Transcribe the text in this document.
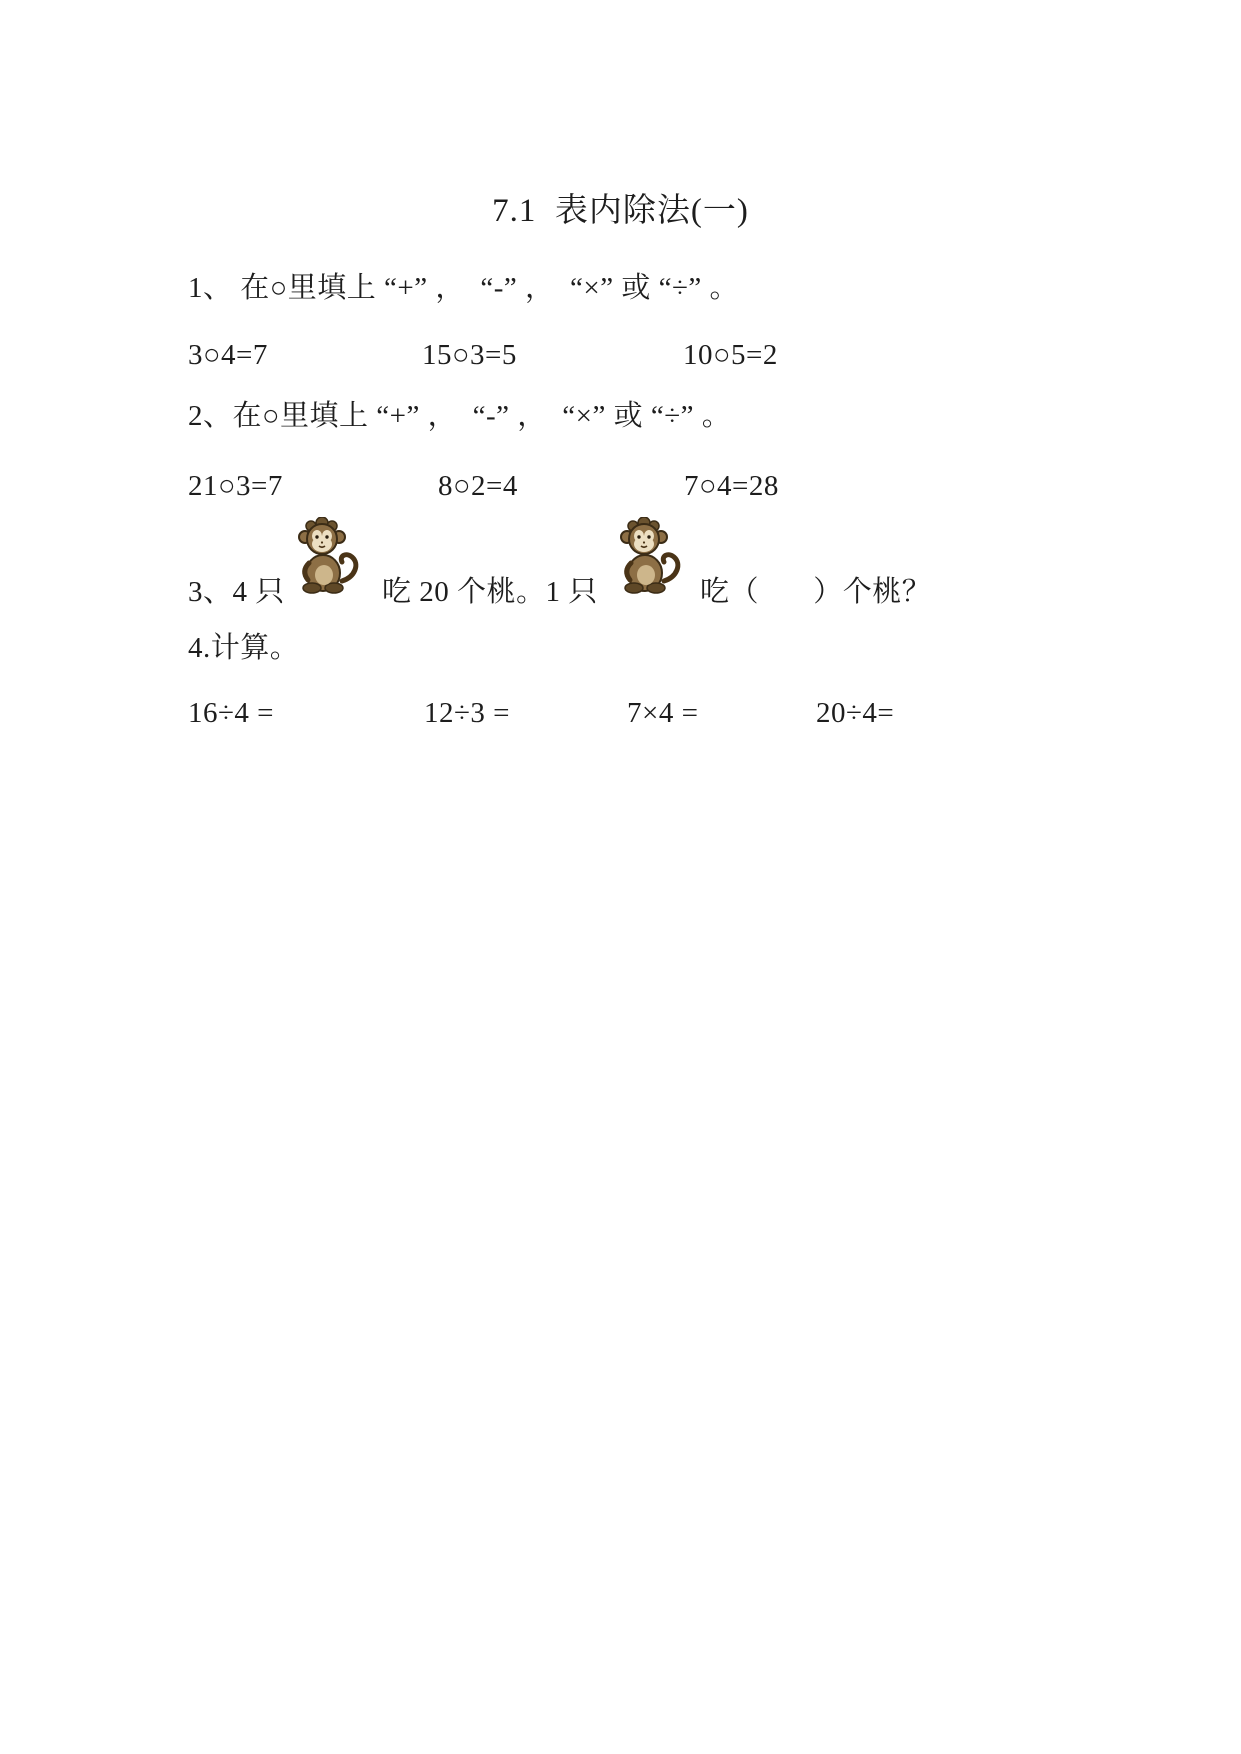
7.1  表内除法(一)
1、 在○里填上 “+” ，  “-” ，  “×” 或 “÷” 。
3○4=7	15○3=5	10○5=2
2、在○里填上 “+” ，  “-” ，  “×” 或 “÷” 。
21○3=7	8○2=4	7○4=28
3、4 只	吃 20 个桃。1 只	吃（       ）个桃？
4.计算。
16÷4 =	12÷3 =	7×4 =	20÷4=
